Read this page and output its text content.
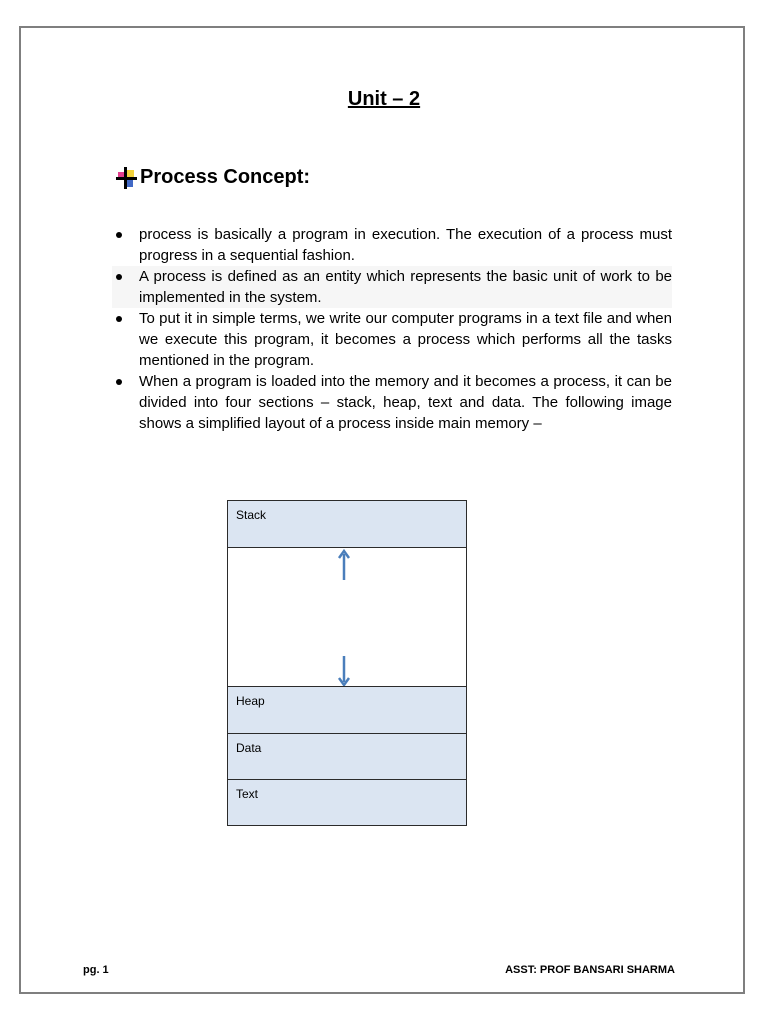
Unit – 2
Process Concept:
process is basically a program in execution. The execution of a process must progress in a sequential fashion.
A process is defined as an entity which represents the basic unit of work to be implemented in the system.
To put it in simple terms, we write our computer programs in a text file and when we execute this program, it becomes a process which performs all the tasks mentioned in the program.
When a program is loaded into the memory and it becomes a process, it can be divided into four sections – stack, heap, text and data. The following image shows a simplified layout of a process inside main memory –
Stack
Heap
Data
Text
pg. 1	ASST: PROF BANSARI SHARMA
